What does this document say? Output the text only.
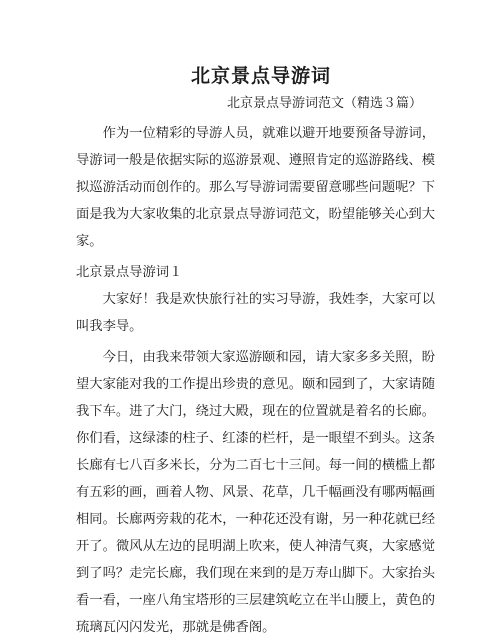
北京景点导游词
北京景点导游词范文（精选３篇）

作为一位精彩的导游人员，就难以避开地要预备导游词，导游词一般是依据实际的巡游景观、遵照肯定的巡游路线、模拟巡游活动而创作的。那么写导游词需要留意哪些问题呢？下面是我为大家收集的北京景点导游词范文，盼望能够关心到大家。

北京景点导游词１

大家好！我是欢快旅行社的实习导游，我姓李，大家可以叫我李导。

今日，由我来带领大家巡游颐和园，请大家多多关照，盼望大家能对我的工作提出珍贵的意见。颐和园到了，大家请随我下车。进了大门，绕过大殿，现在的位置就是着名的长廊。你们看，这绿漆的柱子、红漆的栏杆，是一眼望不到头。这条长廊有七八百多米长，分为二百七十三间。每一间的横槛上都有五彩的画，画着人物、风景、花草，几千幅画没有哪两幅画相同。长廊两旁栽的花木，一种花还没有谢，另一种花就已经开了。微风从左边的昆明湖上吹来，使人神清气爽，大家感觉到了吗？走完长廊，我们现在来到的是万寿山脚下。大家抬头看一看，一座八角宝塔形的三层建筑屹立在半山腰上，黄色的琉璃瓦闪闪发光，那就是佛香阁。
